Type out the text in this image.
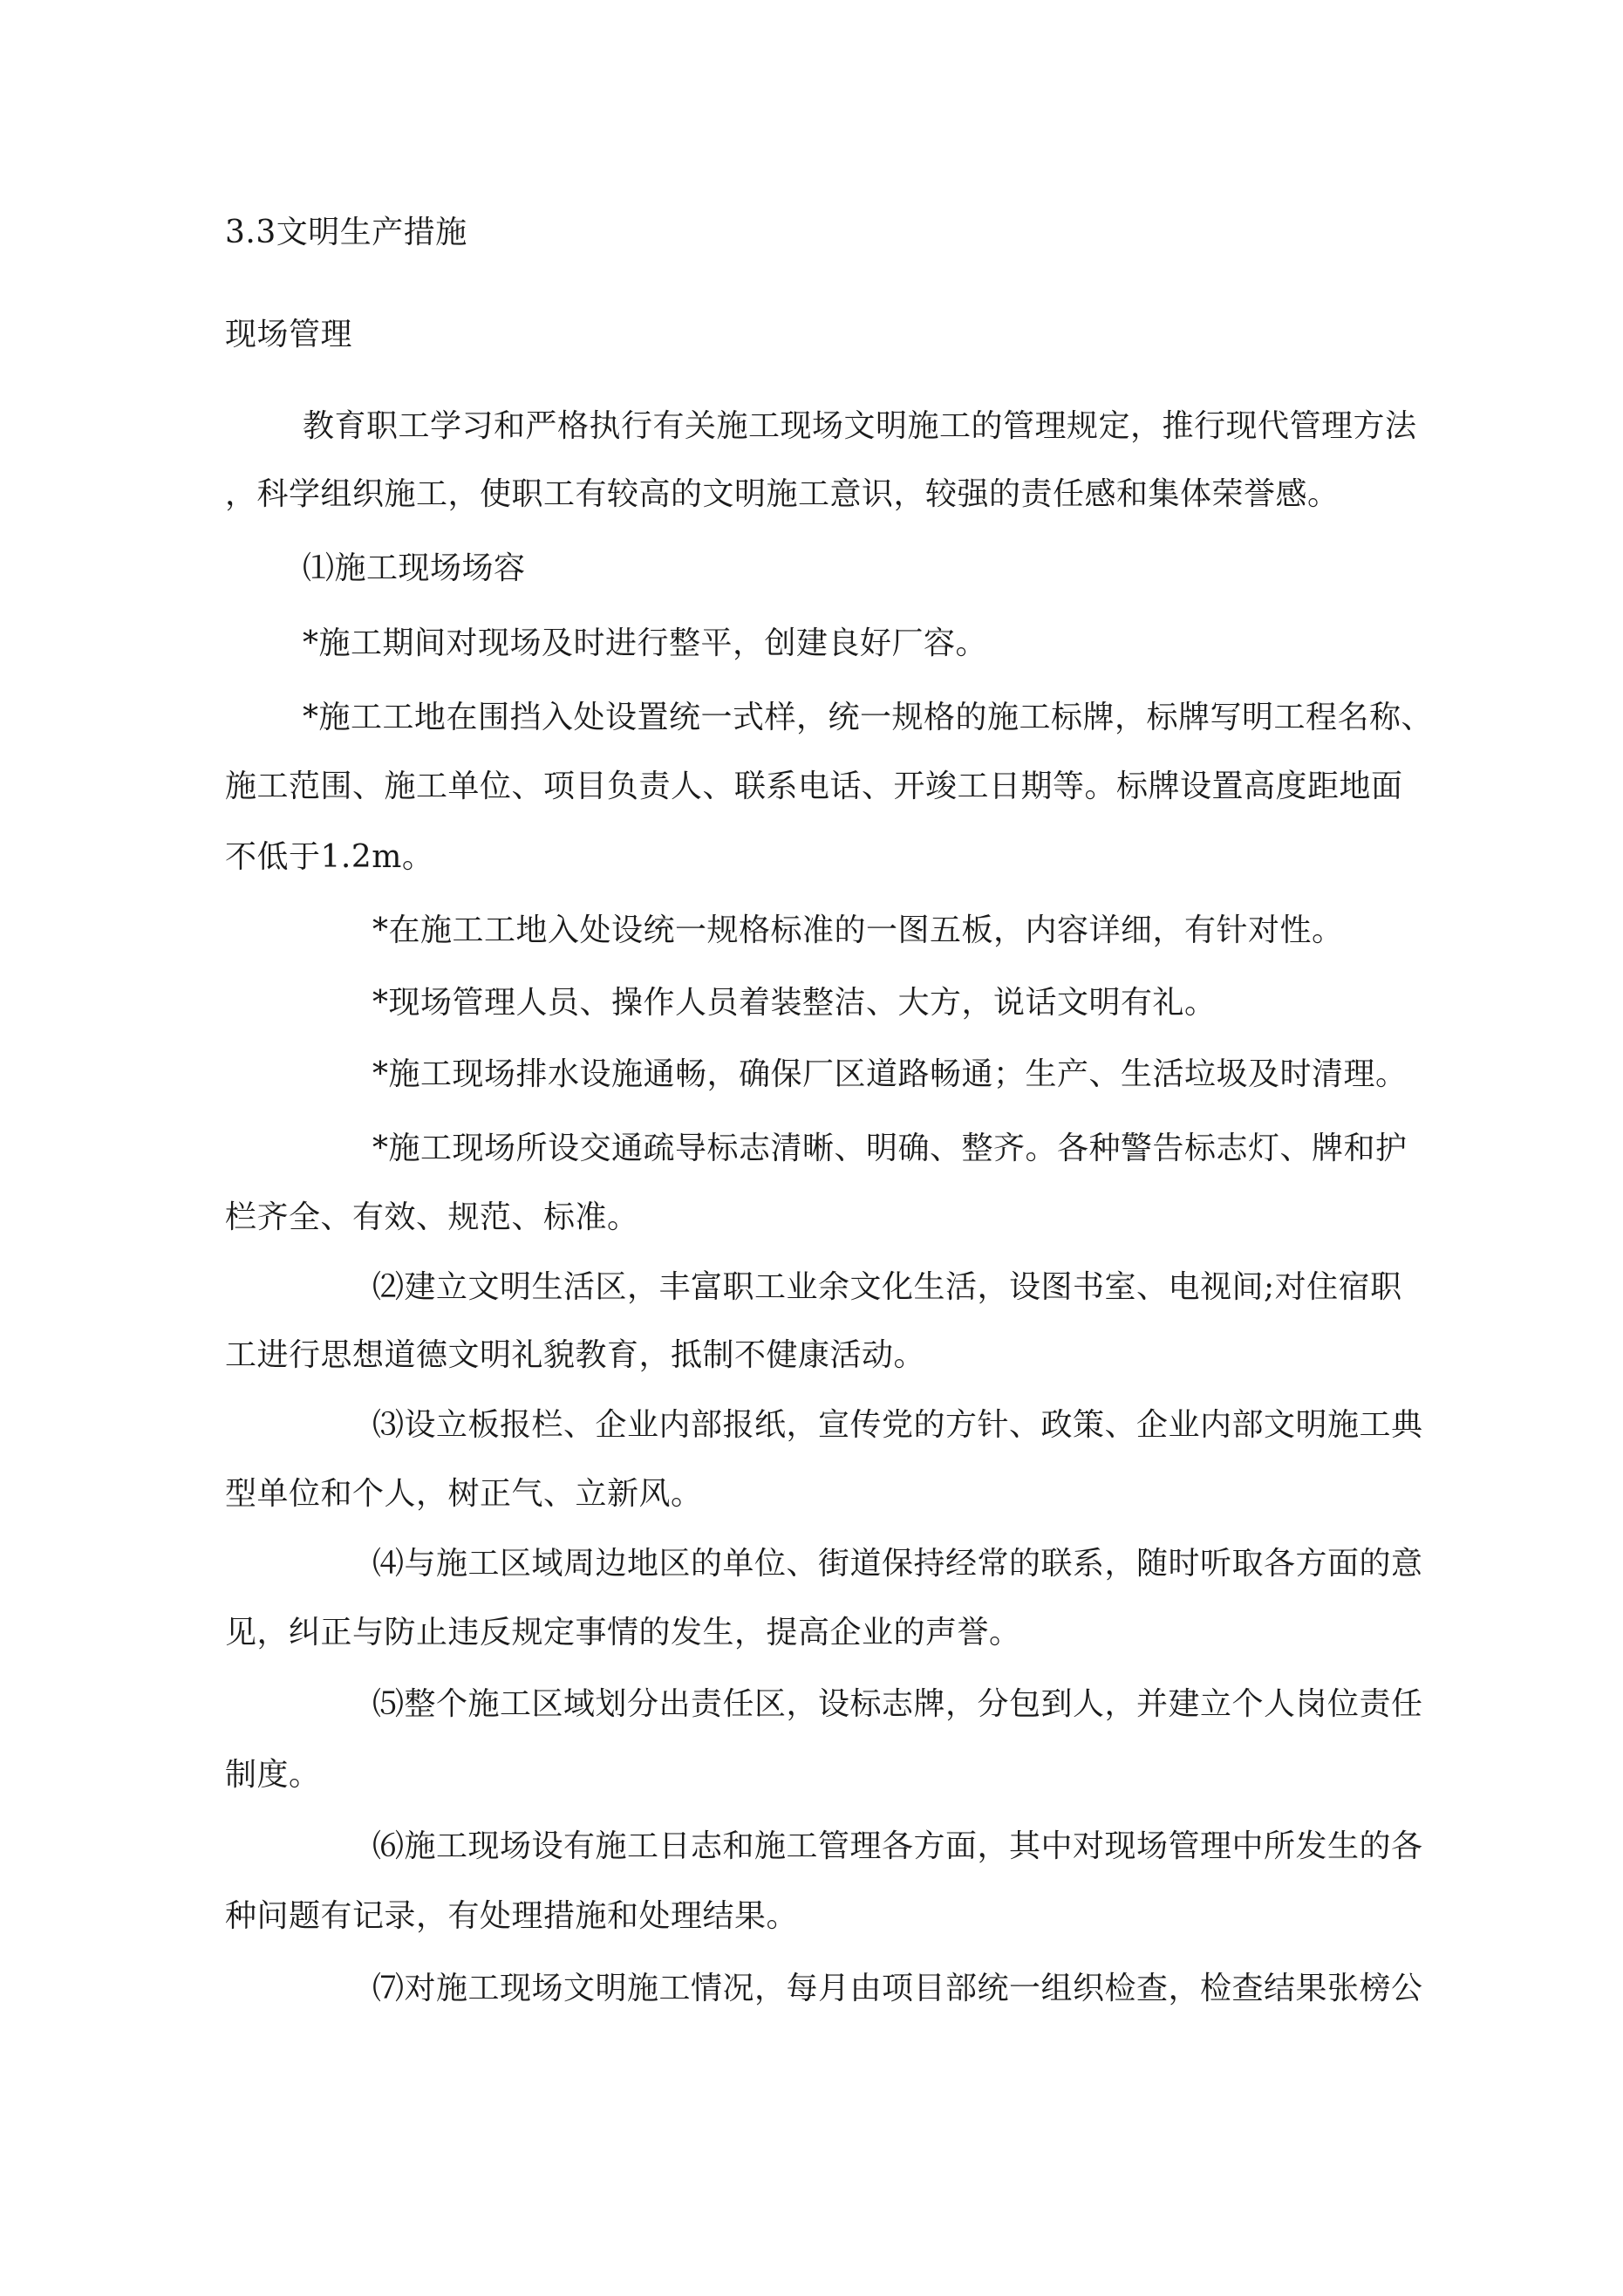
3.3文明生产措施
现场管理
教育职工学习和严格执行有关施工现场文明施工的管理规定，推行现代管理方法
，科学组织施工，使职工有较高的文明施工意识，较强的责任感和集体荣誉感。
⑴施工现场场容
*施工期间对现场及时进行整平，创建良好厂容。
*施工工地在围挡入处设置统一式样，统一规格的施工标牌，标牌写明工程名称、
施工范围、施工单位、项目负责人、联系电话、开竣工日期等。标牌设置高度距地面
不低于1.2m。
*在施工工地入处设统一规格标准的一图五板，内容详细，有针对性。
*现场管理人员、操作人员着装整洁、大方，说话文明有礼。
*施工现场排水设施通畅，确保厂区道路畅通；生产、生活垃圾及时清理。
*施工现场所设交通疏导标志清晰、明确、整齐。各种警告标志灯、牌和护
栏齐全、有效、规范、标准。
⑵建立文明生活区，丰富职工业余文化生活，设图书室、电视间;对住宿职
工进行思想道德文明礼貌教育，抵制不健康活动。
⑶设立板报栏、企业内部报纸，宣传党的方针、政策、企业内部文明施工典
型单位和个人，树正气、立新风。
⑷与施工区域周边地区的单位、街道保持经常的联系，随时听取各方面的意
见，纠正与防止违反规定事情的发生，提高企业的声誉。
⑸整个施工区域划分出责任区，设标志牌，分包到人，并建立个人岗位责任
制度。
⑹施工现场设有施工日志和施工管理各方面，其中对现场管理中所发生的各
种问题有记录，有处理措施和处理结果。
⑺对施工现场文明施工情况，每月由项目部统一组织检查，检查结果张榜公
